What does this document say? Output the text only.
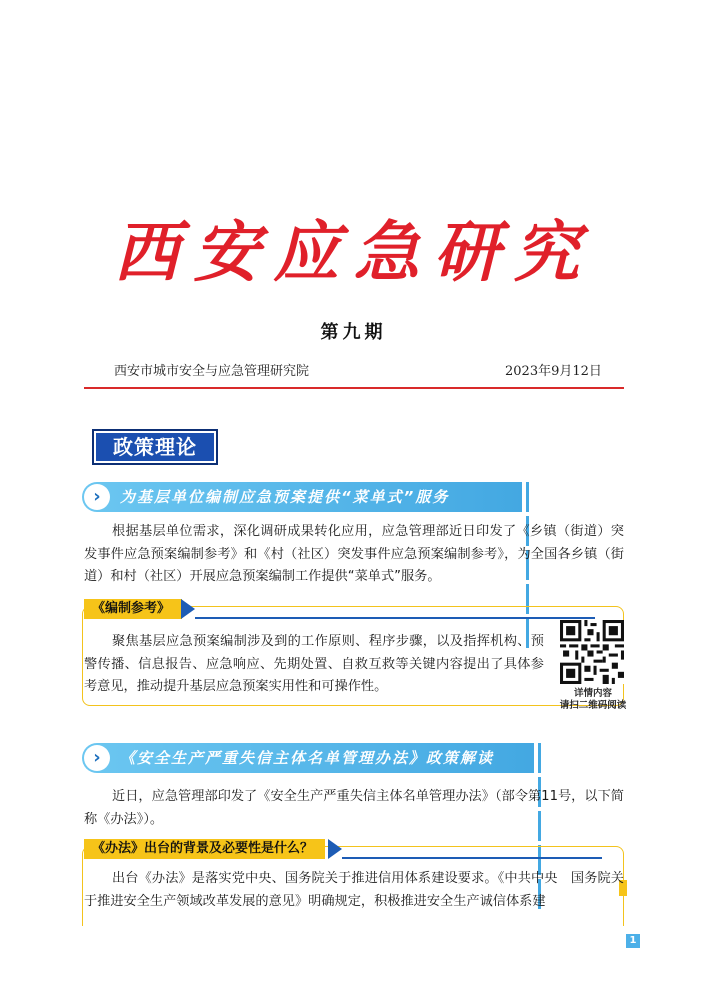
西安应急研究
第九期
西安市城市安全与应急管理研究院	2023年9月12日
政策理论
›	为基层单位编制应急预案提供“菜单式”服务
根据基层单位需求，深化调研成果转化应用，应急管理部近日印发了《乡镇（街道）突发事件应急预案编制参考》和《村（社区）突发事件应急预案编制参考》，为全国各乡镇（街道）和村（社区）开展应急预案编制工作提供“菜单式”服务。
《编制参考》
聚焦基层应急预案编制涉及到的工作原则、程序步骤，以及指挥机构、预警传播、信息报告、应急响应、先期处置、自救互救等关键内容提出了具体参考意见，推动提升基层应急预案实用性和可操作性。	详情内容
请扫二维码阅读
›	《安全生产严重失信主体名单管理办法》政策解读
近日，应急管理部印发了《安全生产严重失信主体名单管理办法》（部令第11号，以下简称《办法》）。
《办法》出台的背景及必要性是什么？
出台《办法》是落实党中央、国务院关于推进信用体系建设要求。《中共中央　国务院关于推进安全生产领域改革发展的意见》明确规定，积极推进安全生产诚信体系建
1
